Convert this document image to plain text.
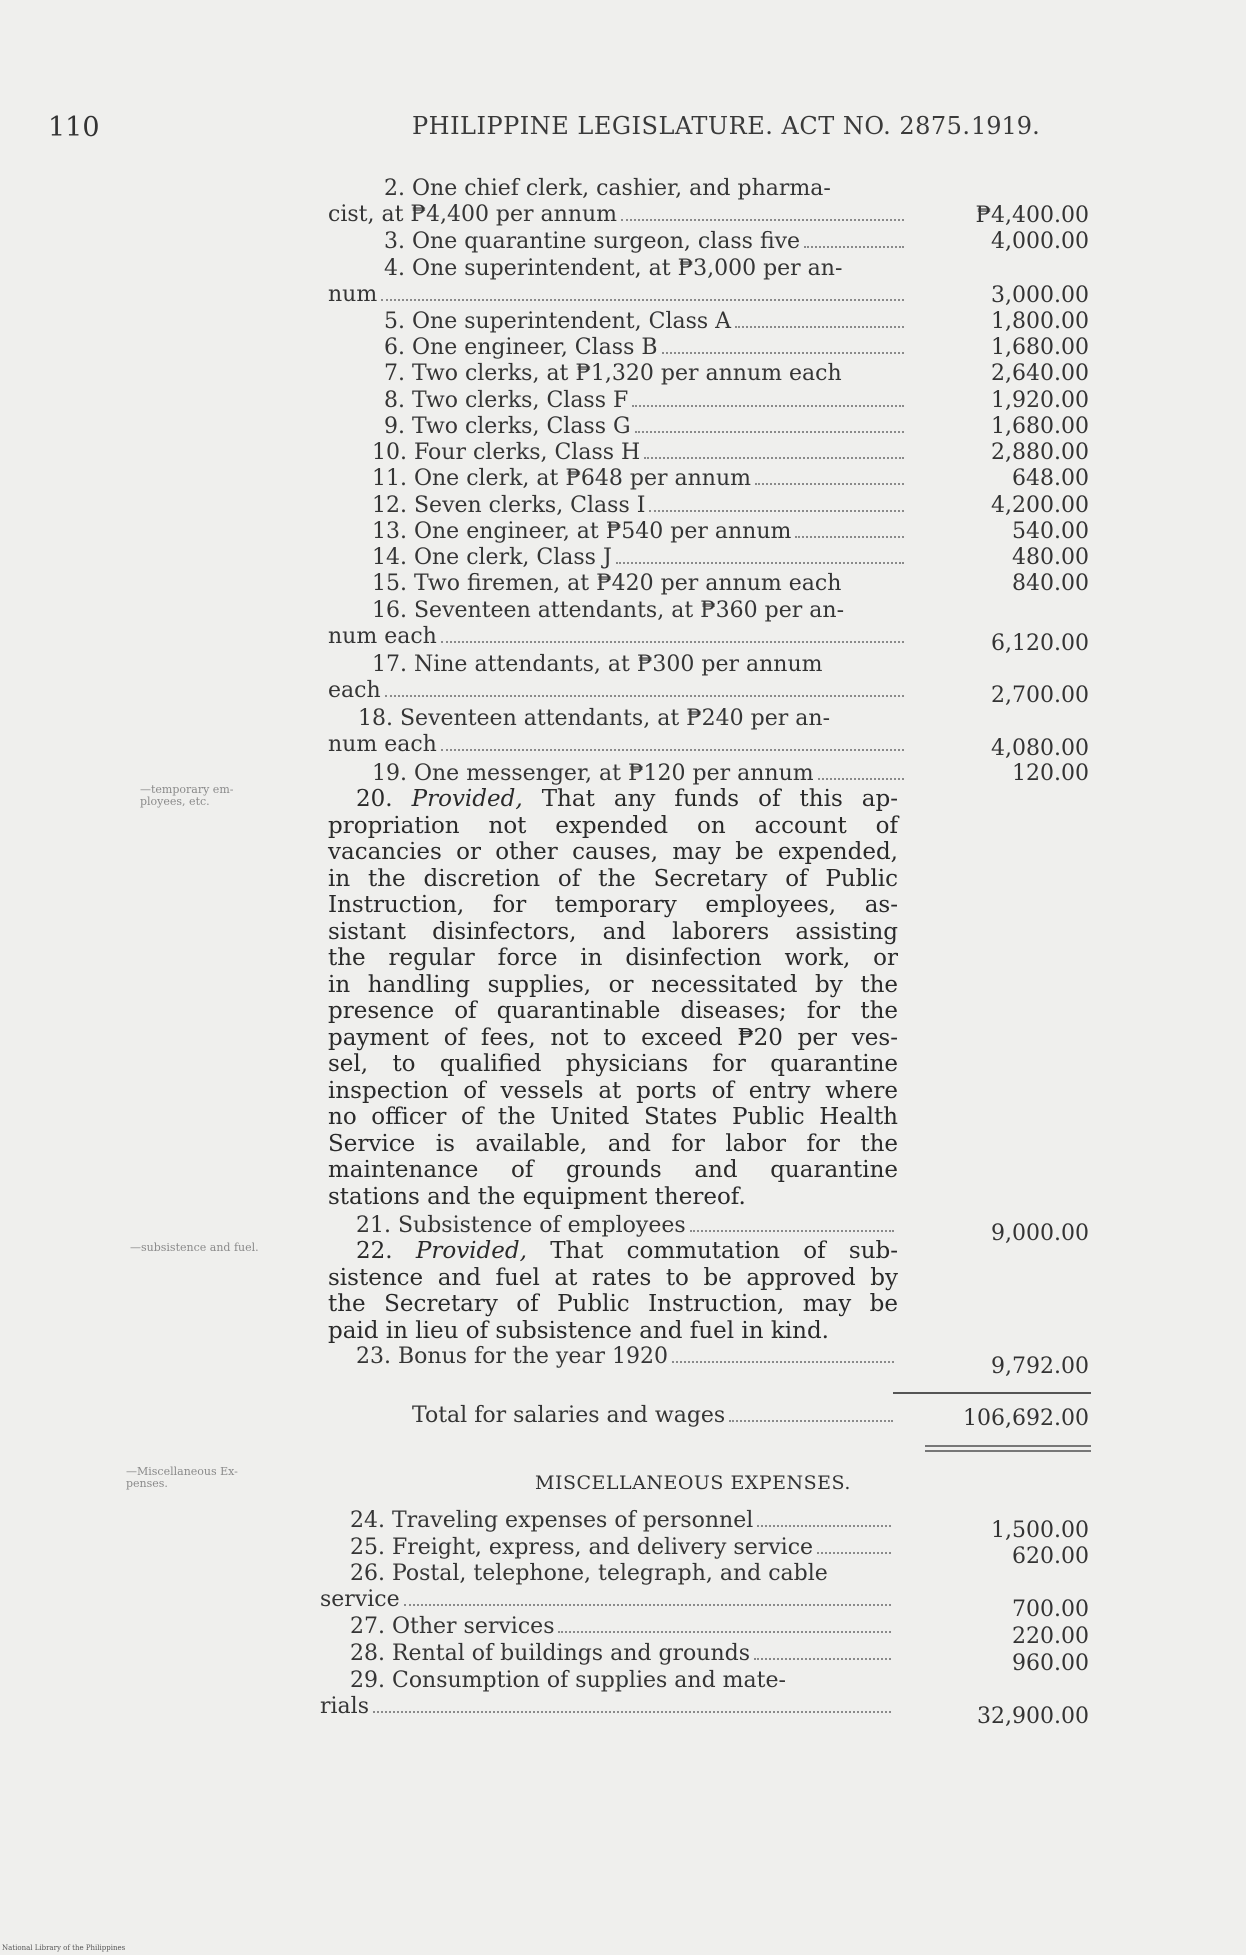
110	PHILIPPINE LEGISLATURE. ACT NO. 2875. 1919.
2. One chief clerk, cashier, and pharma-
cist, at ₱4,400 per annum	₱4,400.00
3. One quarantine surgeon, class five	4,000.00
4. One superintendent, at ₱3,000 per an-
num	3,000.00
5. One superintendent, Class A	1,800.00
6. One engineer, Class B	1,680.00
7. Two clerks, at ₱1,320 per annum each	2,640.00
8. Two clerks, Class F	1,920.00
9. Two clerks, Class G	1,680.00
10. Four clerks, Class H	2,880.00
11. One clerk, at ₱648 per annum	648.00
12. Seven clerks, Class I	4,200.00
13. One engineer, at ₱540 per annum	540.00
14. One clerk, Class J	480.00
15. Two firemen, at ₱420 per annum each	840.00
16. Seventeen attendants, at ₱360 per an-
num each	6,120.00
17. Nine attendants, at ₱300 per annum
each	2,700.00
18. Seventeen attendants, at ₱240 per an-
num each	4,080.00
19. One messenger, at ₱120 per annum	120.00
—temporary em-
ployees, etc.	20. Provided, That any funds of this ap-
propriation not expended on account of
vacancies or other causes, may be expended,
in the discretion of the Secretary of Public
Instruction, for temporary employees, as-
sistant disinfectors, and laborers assisting
the regular force in disinfection work, or
in handling supplies, or necessitated by the
presence of quarantinable diseases; for the
payment of fees, not to exceed ₱20 per ves-
sel, to qualified physicians for quarantine
inspection of vessels at ports of entry where
no officer of the United States Public Health
Service is available, and for labor for the
maintenance of grounds and quarantine
stations and the equipment thereof.
21. Subsistence of employees	9,000.00
—subsistence and fuel.	22. Provided, That commutation of sub-
sistence and fuel at rates to be approved by
the Secretary of Public Instruction, may be
paid in lieu of subsistence and fuel in kind.
23. Bonus for the year 1920	9,792.00
Total for salaries and wages	106,692.00
—Miscellaneous Ex-
penses.	MISCELLANEOUS EXPENSES.
24. Traveling expenses of personnel	1,500.00
25. Freight, express, and delivery service	620.00
26. Postal, telephone, telegraph, and cable
service	700.00
27. Other services	220.00
28. Rental of buildings and grounds	960.00
29. Consumption of supplies and mate-
rials	32,900.00
National Library of the Philippines
